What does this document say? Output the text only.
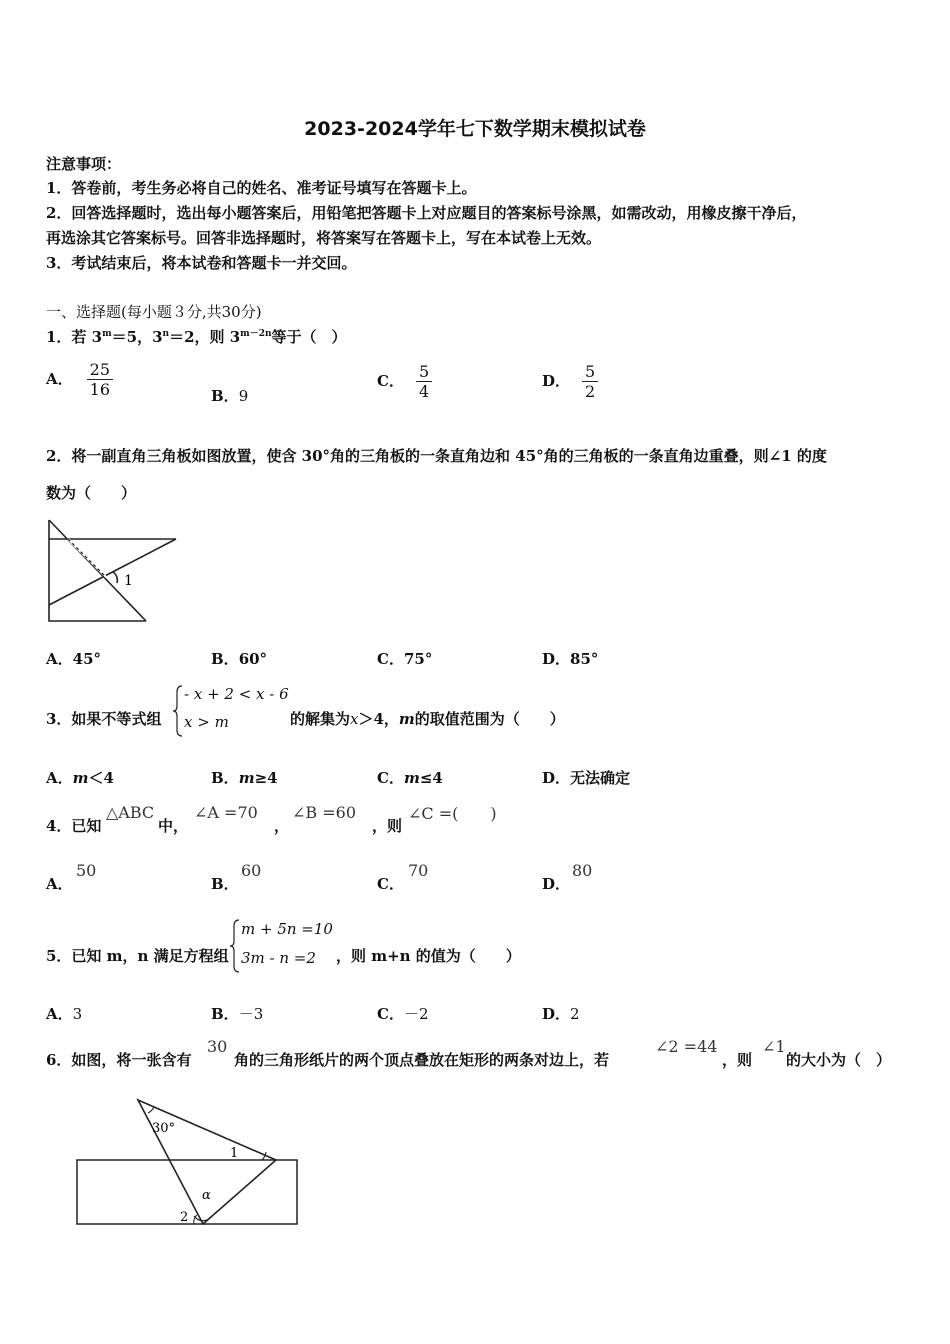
2023-2024学年七下数学期末模拟试卷
注意事项：
1．答卷前，考生务必将自己的姓名、准考证号填写在答题卡上。
2．回答选择题时，选出每小题答案后，用铅笔把答题卡上对应题目的答案标号涂黑，如需改动，用橡皮擦干净后，
再选涂其它答案标号。回答非选择题时，将答案写在答题卡上，写在本试卷上无效。
3．考试结束后，将本试卷和答题卡一并交回。
一、选择题(每小题３分,共30分)
1．若 $3^m=5$，$3^n=2$，则 $3^{m-2n}$等于（　）
A． $\frac{25}{16}$	B．9
C． $\frac{5}{4}$	D． $\frac{5}{2}$
2．将一副直角三角板如图放置，使含 30°角的三角板的一条直角边和 45°角的三角板的一条直角边重叠，则∠1 的度
数为（　　）
1
A．45°	B．60°	C．75°	D．85°
3．如果不等式组
- x + 2 < x - 6
x > m	的解集为x＞4，m的取值范围为（　　）
A．m＜4	B．m≥4	C．m≤4	D．无法确定
4．已知
△ABC
中，
∠A =70
，
∠B =60
，则
∠C =(　　)
A．
50
B．
60
C．
70
D．
80
5．已知 m，n 满足方程组
m + 5n =10
3m - n =2 ，则 m+n 的值为（　　）
A．3	B．－3	C．－2	D．2
6．如图，将一张含有
30
角的三角形纸片的两个顶点叠放在矩形的两条对边上，若
∠2 =44
，则
∠1
的大小为（　）
30°
1
α
2
